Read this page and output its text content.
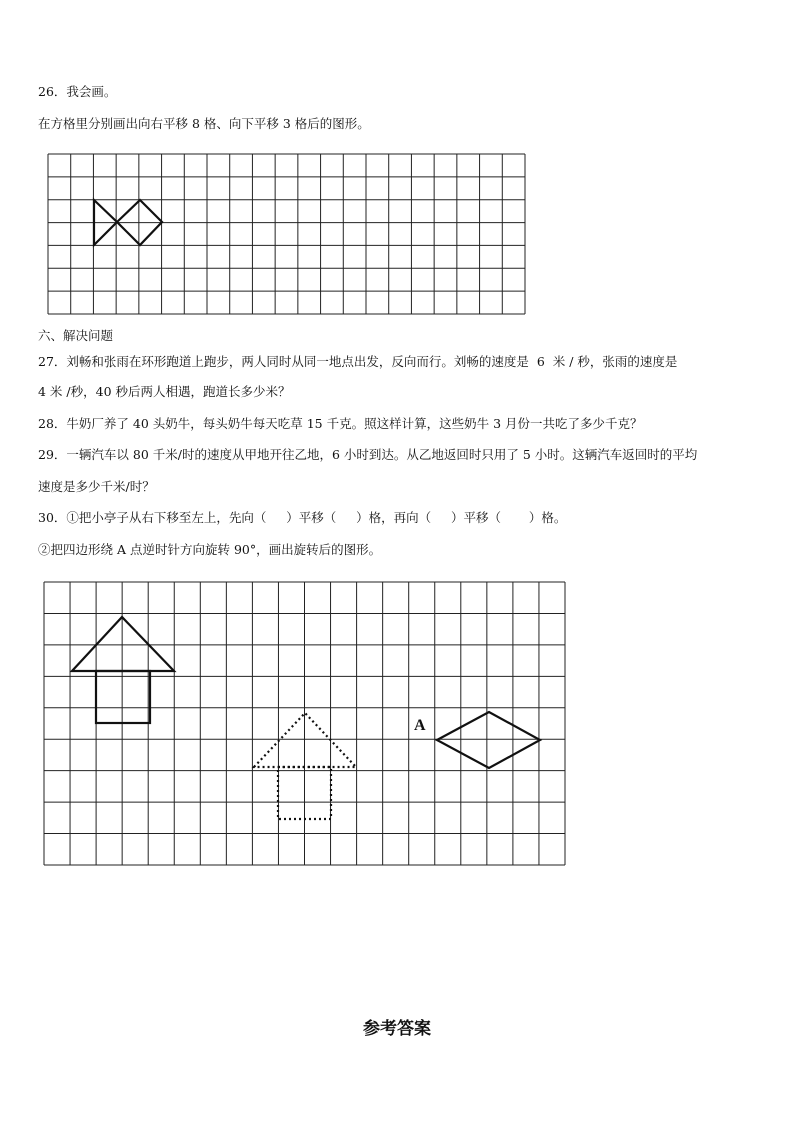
26．我会画。
在方格里分别画出向右平移 8 格、向下平移 3 格后的图形。
六、解决问题
27．刘畅和张雨在环形跑道上跑步，两人同时从同一地点出发，反向而行。刘畅的速度是  6  米 / 秒，张雨的速度是
4 米 /秒，40 秒后两人相遇，跑道长多少米？
28．牛奶厂养了 40 头奶牛，每头奶牛每天吃草 15 千克。照这样计算，这些奶牛 3 月份一共吃了多少千克？
29．一辆汽车以 80 千米/时的速度从甲地开往乙地，6 小时到达。从乙地返回时只用了 5 小时。这辆汽车返回时的平均
速度是多少千米/时？
30．①把小亭子从右下移至左上，先向（     ）平移（     ）格，再向（     ）平移（       ）格。
②把四边形绕 A 点逆时针方向旋转 90°，画出旋转后的图形。
A
参考答案
